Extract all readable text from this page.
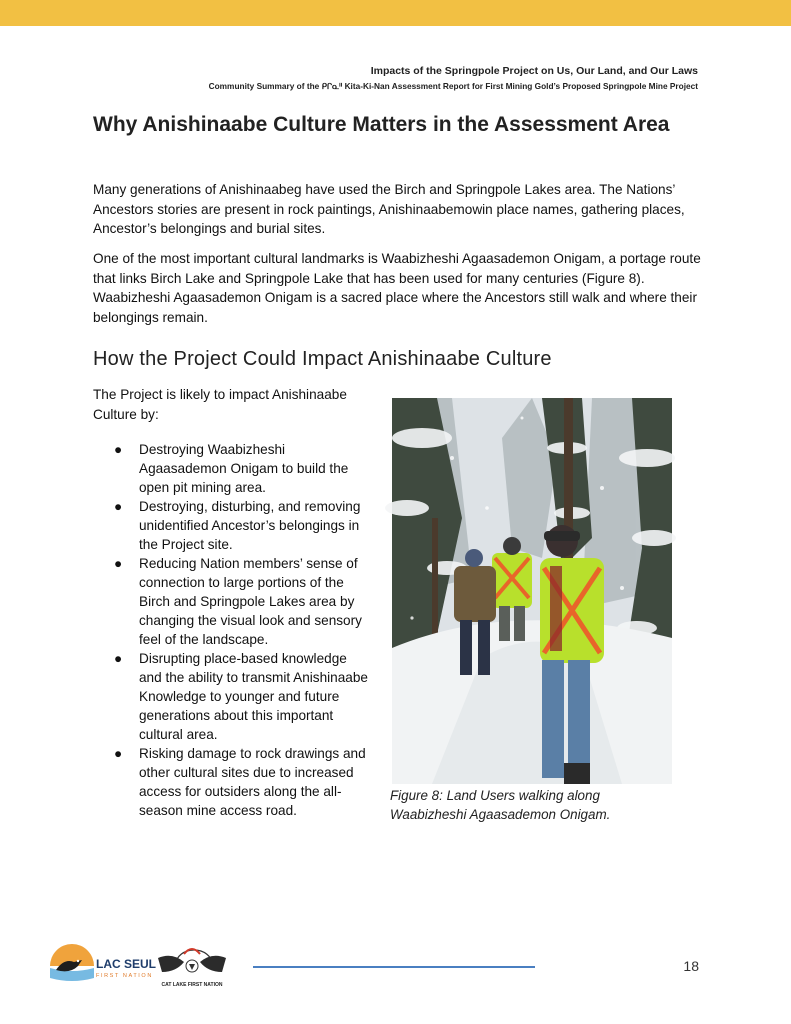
Impacts of the Springpole Project on Us, Our Land, and Our Laws
Community Summary of the ᑭᒋᓇᐦ Kita-Ki-Nan Assessment Report for First Mining Gold’s Proposed Springpole Mine Project
Why Anishinaabe Culture Matters in the Assessment Area

Many generations of Anishinaabeg have used the Birch and Springpole Lakes area. The Nations’ Ancestors stories are present in rock paintings, Anishinaabemowin place names, gathering places, Ancestor’s belongings and burial sites.

One of the most important cultural landmarks is Waabizheshi Agaasademon Onigam, a portage route that links Birch Lake and Springpole Lake that has been used for many centuries (Figure 8). Waabizheshi Agaasademon Onigam is a sacred place where the Ancestors still walk and where their belongings remain.

How the Project Could Impact Anishinaabe Culture

The Project is likely to impact Anishinaabe Culture by:

● Destroying Waabizheshi Agaasademon Onigam to build the open pit mining area.
● Destroying, disturbing, and removing unidentified Ancestor’s belongings in the Project site.
● Reducing Nation members’ sense of connection to large portions of the Birch and Springpole Lakes area by changing the visual look and sensory feel of the landscape.
● Disrupting place-based knowledge and the ability to transmit Anishinaabe Knowledge to younger and future generations about this important cultural area.
● Risking damage to rock drawings and other cultural sites due to increased access for outsiders along the all-season mine access road.

Figure 8: Land Users walking along Waabizheshi Agaasademon Onigam.

LAC SEUL
FIRST NATION
CAT LAKE FIRST NATION
18
